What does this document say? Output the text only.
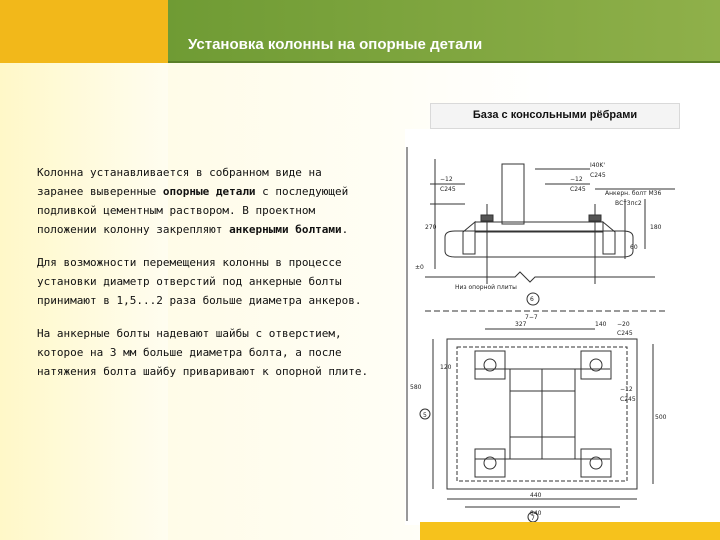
Установка колонны на опорные детали
База с консольными рёбрами

Колонна устанавливается в собранном виде на заранее выверенные опорные детали с последующей подливкой цементным раствором. В проектном положении колонну закрепляют анкерными болтами.

Для возможности перемещения колонны в процессе установки диаметр отверстий под анкерные болты принимают в 1,5...2 раза больше диаметра анкеров.

На анкерные болты надевают шайбы с отверстием, которое на 3 мм больше диаметра болта, а после натяжения болта шайбу приваривают к опорной плите.

I40K'
C245
−12
C245
−12
C245
Анкерн. болт М36
ВСт3пс2
270	180
60
±0
Низ опорной плиты
6
7−7
140 −20
C245
327
−12
C245
500
580
120
440
840
7
5
